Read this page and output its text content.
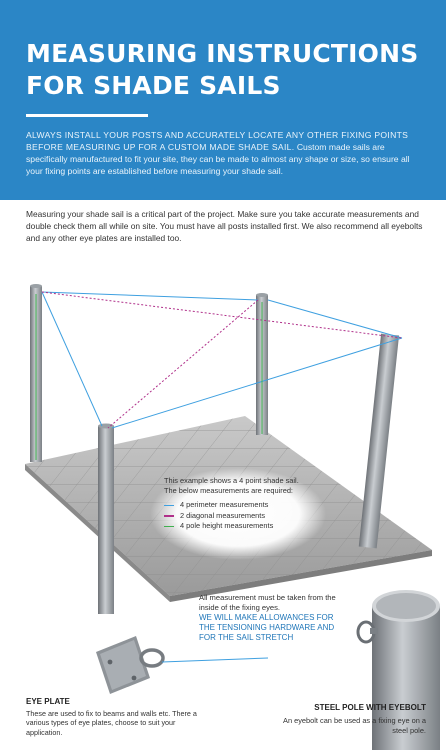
MEASURING INSTRUCTIONS
FOR SHADE SAILS

ALWAYS INSTALL YOUR POSTS AND ACCURATELY LOCATE ANY OTHER FIXING POINTS BEFORE MEASURING UP FOR A CUSTOM MADE SHADE SAIL. Custom made sails are specifically manufactured to fit your site, they can be made to almost any shape or size, so ensure all your fixing points are established before measuring your shade sail.

Measuring your shade sail is a critical part of the project. Make sure you take accurate measurements and double check them all while on site. You must have all posts installed first. We also recommend all eyebolts and any other eye plates are installed too.

This example shows a 4 point shade sail. The below measurements are required:
4 perimeter measurements
2 diagonal measurements
4 pole height measurements
All measurement must be taken from the inside of the fixing eyes.
WE WILL MAKE ALLOWANCES FOR THE TENSIONING HARDWARE AND FOR THE SAIL STRETCH
EYE PLATE
These are used to fix to beams and walls etc. There a various types of eye plates, choose to suit your application.
STEEL POLE WITH EYEBOLT
An eyebolt can be used as a fixing eye on a steel pole.
